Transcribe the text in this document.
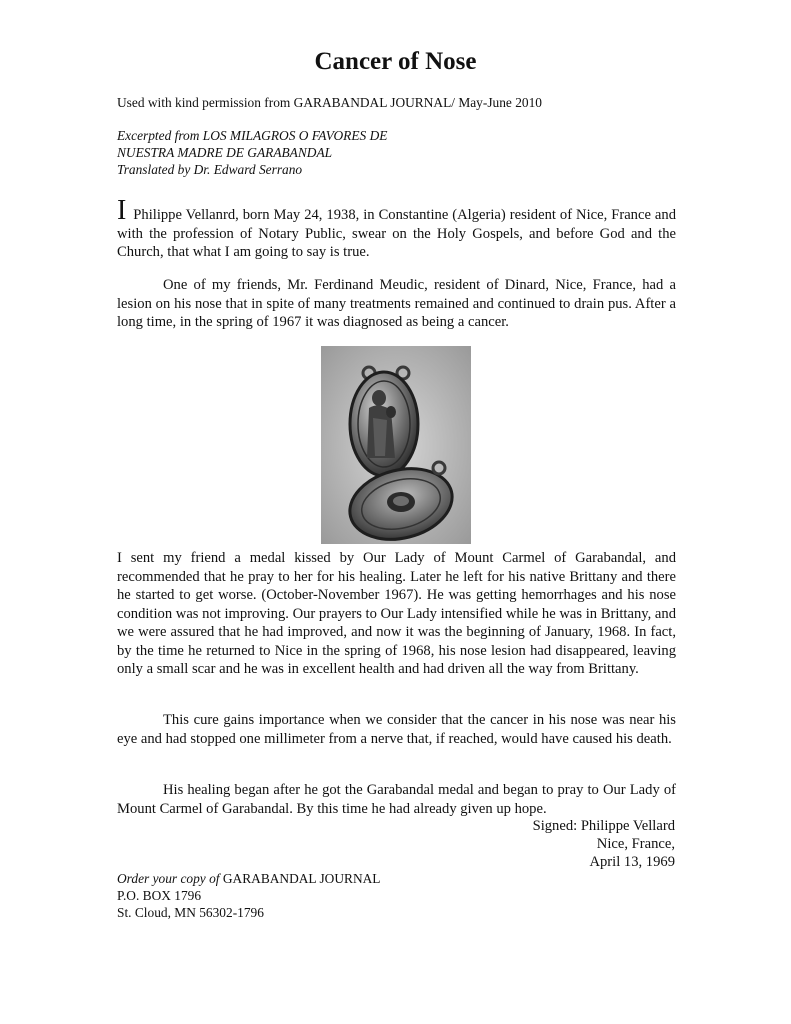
Cancer of Nose
Used with kind permission from GARABANDAL JOURNAL/ May-June 2010
Excerpted from LOS MILAGROS O FAVORES DE
NUESTRA MADRE DE GARABANDAL
Translated by Dr. Edward Serrano
I Philippe Vellanrd, born May 24, 1938, in Constantine (Algeria) resident of Nice, France and with the profession of Notary Public, swear on the Holy Gospels, and before God and the Church, that what I am going to say is true.
One of my friends, Mr. Ferdinand Meudic, resident of Dinard, Nice, France, had a lesion on his nose that in spite of many treatments remained and continued to drain pus. After a long time, in the spring of 1967 it was diagnosed as being a cancer.
I sent my friend a medal kissed by Our Lady of Mount Carmel of Garabandal, and recommended that he pray to her for his healing. Later he left for his native Brittany and there he started to get worse. (October-November 1967). He was getting hemorrhages and his nose condition was not improving. Our prayers to Our Lady intensified while he was in Brittany, and we were assured that he had improved, and now it was the beginning of January, 1968. In fact, by the time he returned to Nice in the spring of 1968, his nose lesion had disappeared, leaving only a small scar and he was in excellent health and had driven all the way from Brittany.
This cure gains importance when we consider that the cancer in his nose was near his eye and had stopped one millimeter from a nerve that, if reached, would have caused his death.
His healing began after he got the Garabandal medal and began to pray to Our Lady of Mount Carmel of Garabandal. By this time he had already given up hope.
Signed: Philippe Vellard
Nice, France,
April 13, 1969
Order your copy of GARABANDAL JOURNAL
P.O. BOX 1796
St. Cloud, MN 56302-1796
